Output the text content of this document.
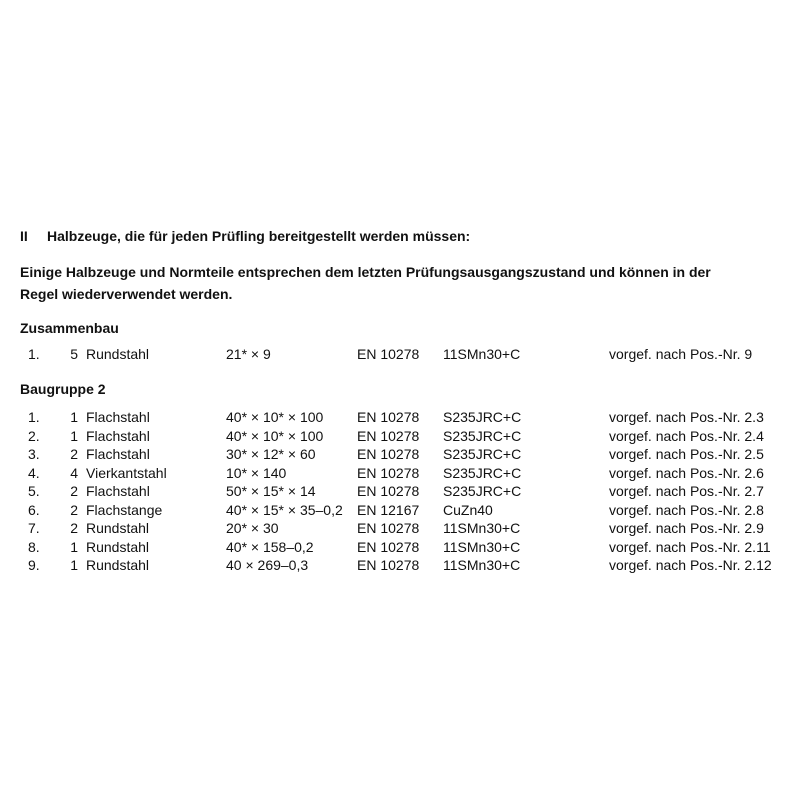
II Halbzeuge, die für jeden Prüfling bereitgestellt werden müssen:
Einige Halbzeuge und Normteile entsprechen dem letzten Prüfungsausgangszustand und können in der
Regel wiederverwendet werden.
Zusammenbau
1.	5 Rundstahl	21* × 9	EN 10278 11SMn30+C	vorgef. nach Pos.-Nr. 9
Baugruppe 2
1.	1 Flachstahl	40* × 10* × 100 EN 10278 S235JRC+C	vorgef. nach Pos.-Nr. 2.3
2.	1 Flachstahl	40* × 10* × 100 EN 10278 S235JRC+C	vorgef. nach Pos.-Nr. 2.4
3.	2 Flachstahl	30* × 12* × 60	EN 10278 S235JRC+C	vorgef. nach Pos.-Nr. 2.5
4.	4 Vierkantstahl	10* × 140	EN 10278 S235JRC+C	vorgef. nach Pos.-Nr. 2.6
5.	2 Flachstahl	50* × 15* × 14	EN 10278 S235JRC+C	vorgef. nach Pos.-Nr. 2.7
6.	2 Flachstange	40* × 15* × 35–0,2 EN 12167 CuZn40	vorgef. nach Pos.-Nr. 2.8
7.	2 Rundstahl	20* × 30	EN 10278 11SMn30+C	vorgef. nach Pos.-Nr. 2.9
8.	1 Rundstahl	40* × 158–0,2	EN 10278 11SMn30+C	vorgef. nach Pos.-Nr. 2.11
9.	1 Rundstahl	40 × 269–0,3	EN 10278 11SMn30+C	vorgef. nach Pos.-Nr. 2.12
